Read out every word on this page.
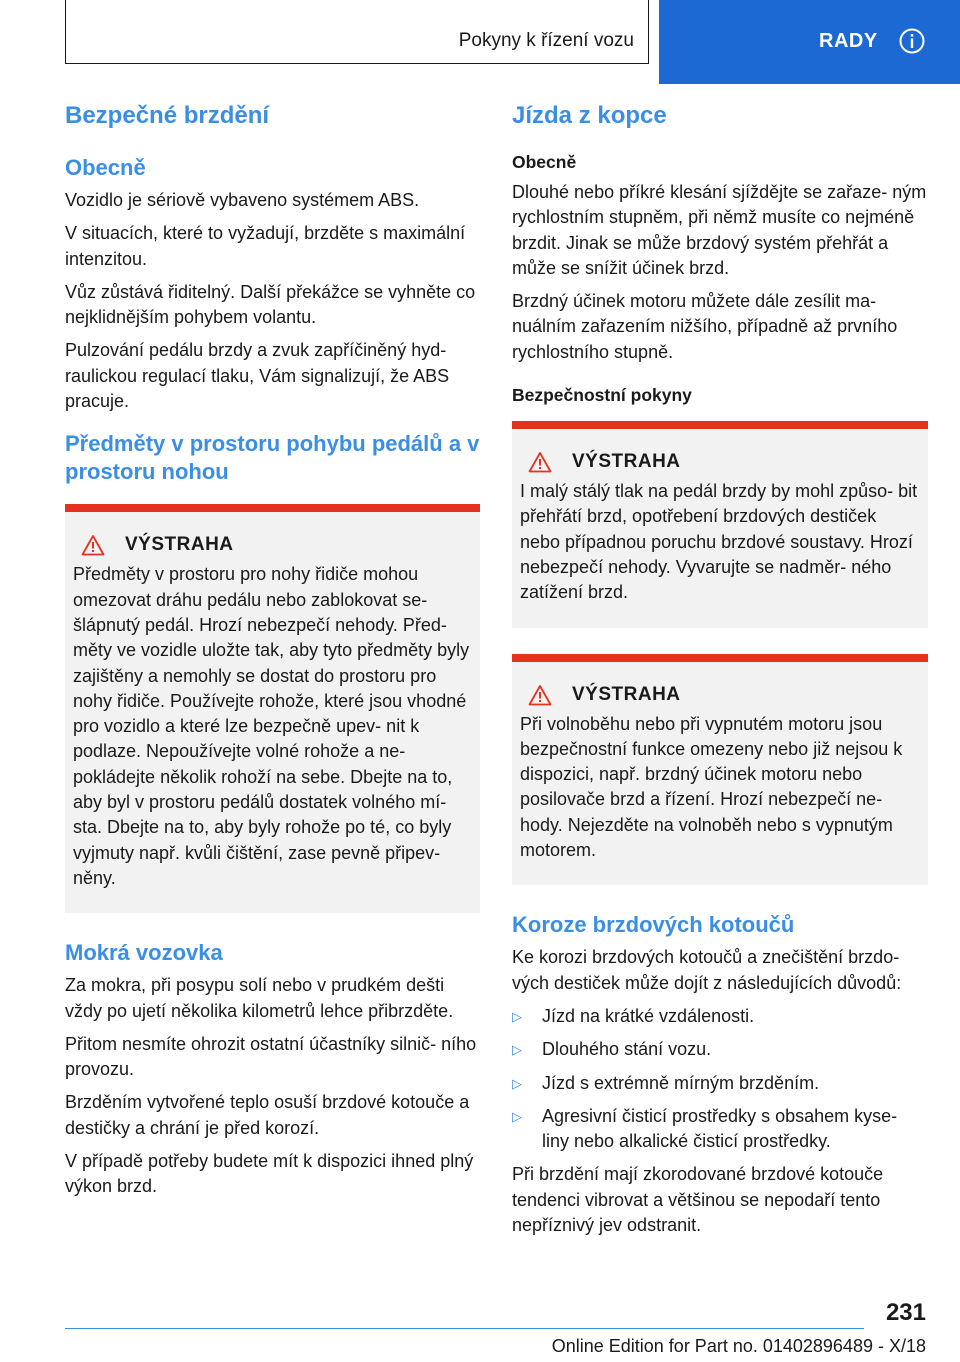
Pokyny k řízení vozu	RADY
Bezpečné brzdění
Obecně

Vozidlo je sériově vybaveno systémem ABS.

V situacích, které to vyžadují, brzděte s maximální intenzitou.

Vůz zůstává řiditelný. Další překážce se vyhněte co nejklidnějším pohybem volantu.

Pulzování pedálu brzdy a zvuk zapříčiněný hyd‐ raulickou regulací tlaku, Vám signalizují, že ABS pracuje.

Předměty v prostoru pohybu pedálů a v prostoru nohou
VÝSTRAHA

Předměty v prostoru pro nohy řidiče mohou omezovat dráhu pedálu nebo zablokovat se‐ šlápnutý pedál. Hrozí nebezpečí nehody. Před‐ měty ve vozidle uložte tak, aby tyto předměty byly zajištěny a nemohly se dostat do prostoru pro nohy řidiče. Používejte rohože, které jsou vhodné pro vozidlo a které lze bezpečně upev‐ nit k podlaze. Nepoužívejte volné rohože a ne‐ pokládejte několik rohoží na sebe. Dbejte na to, aby byl v prostoru pedálů dostatek volného mí‐ sta. Dbejte na to, aby byly rohože po té, co byly vyjmuty např. kvůli čištění, zase pevně připev‐ něny.

Mokrá vozovka

Za mokra, při posypu solí nebo v prudkém dešti vždy po ujetí několika kilometrů lehce přibrzděte.

Přitom nesmíte ohrozit ostatní účastníky silnič‐ ního provozu.

Brzděním vytvořené teplo osuší brzdové kotouče a destičky a chrání je před korozí.

V případě potřeby budete mít k dispozici ihned plný výkon brzd.

Jízda z kopce
Obecně

Dlouhé nebo příkré klesání sjíždějte se zařaze‐ ným rychlostním stupněm, při němž musíte co nejméně brzdit. Jinak se může brzdový systém přehřát a může se snížit účinek brzd.

Brzdný účinek motoru můžete dále zesílit ma‐ nuálním zařazením nižšího, případně až prvního rychlostního stupně.

Bezpečnostní pokyny
VÝSTRAHA

I malý stálý tlak na pedál brzdy by mohl způso‐ bit přehřátí brzd, opotřebení brzdových destiček nebo případnou poruchu brzdové soustavy. Hrozí nebezpečí nehody. Vyvarujte se nadměr‐ ného zatížení brzd.

VÝSTRAHA

Při volnoběhu nebo při vypnutém motoru jsou bezpečnostní funkce omezeny nebo již nejsou k dispozici, např. brzdný účinek motoru nebo posilovače brzd a řízení. Hrozí nebezpečí ne‐ hody. Nejezděte na volnoběh nebo s vypnutým motorem.

Koroze brzdových kotoučů

Ke korozi brzdových kotoučů a znečištění brzdo‐ vých destiček může dojít z následujících důvodů:

▷	Jízd na krátké vzdálenosti.
▷	Dlouhého stání vozu.
▷	Jízd s extrémně mírným brzděním.
▷	Agresivní čisticí prostředky s obsahem kyse‐ liny nebo alkalické čisticí prostředky.

Při brzdění mají zkorodované brzdové kotouče tendenci vibrovat a většinou se nepodaří tento nepříznivý jev odstranit.

231
Online Edition for Part no. 01402896489 - X/18
